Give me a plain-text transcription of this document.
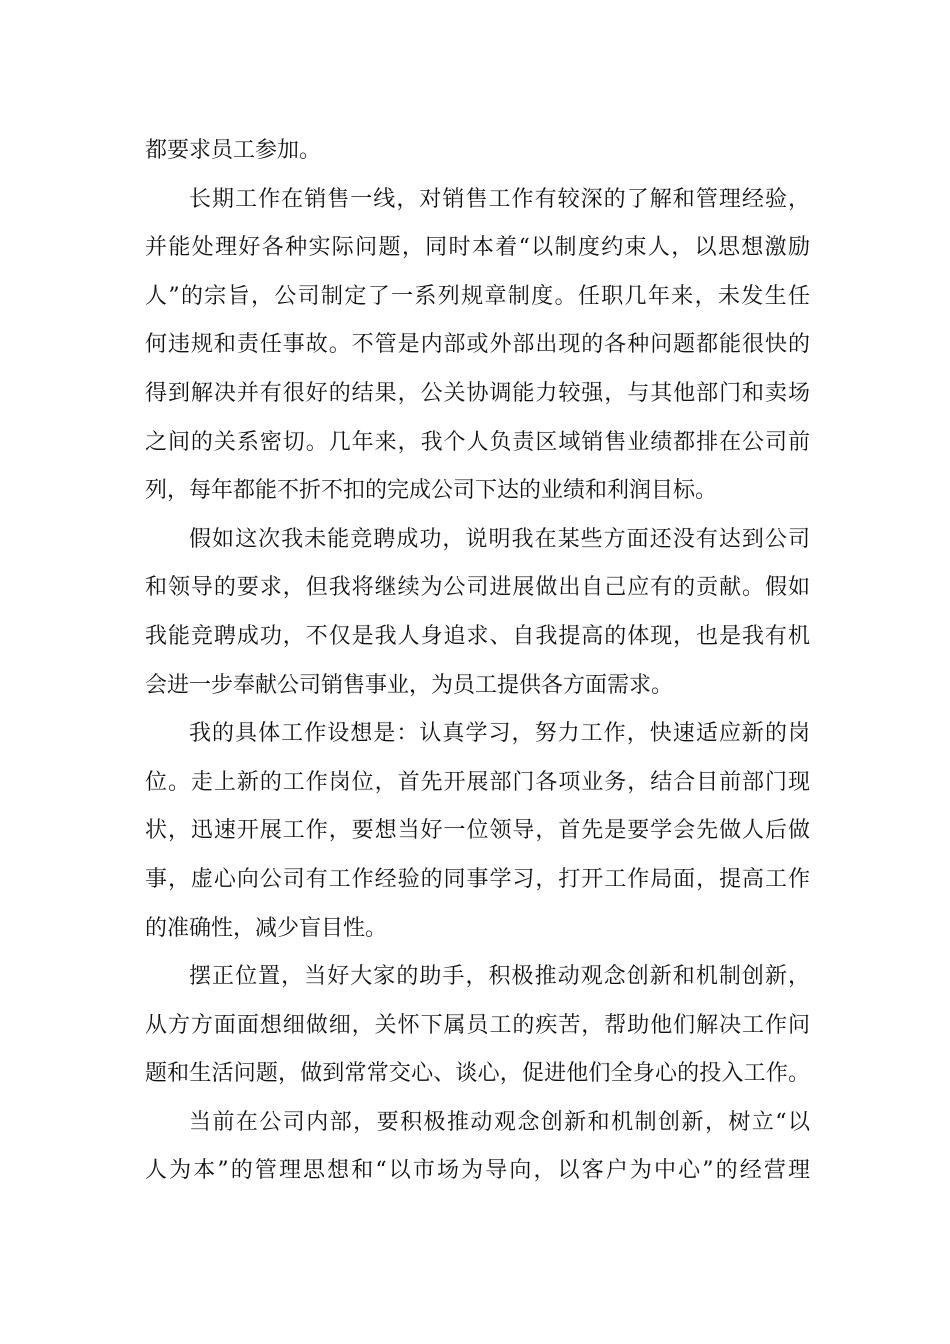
都要求员工参加。
长期工作在销售一线，对销售工作有较深的了解和管理经验，
并能处理好各种实际问题，同时本着“以制度约束人，以思想激励
人”的宗旨，公司制定了一系列规章制度。任职几年来，未发生任
何违规和责任事故。不管是内部或外部出现的各种问题都能很快的
得到解决并有很好的结果，公关协调能力较强，与其他部门和卖场
之间的关系密切。几年来，我个人负责区域销售业绩都排在公司前
列，每年都能不折不扣的完成公司下达的业绩和利润目标。
假如这次我未能竞聘成功，说明我在某些方面还没有达到公司
和领导的要求，但我将继续为公司进展做出自己应有的贡献。假如
我能竞聘成功，不仅是我人身追求、自我提高的体现，也是我有机
会进一步奉献公司销售事业，为员工提供各方面需求。
我的具体工作设想是：认真学习，努力工作，快速适应新的岗
位。走上新的工作岗位，首先开展部门各项业务，结合目前部门现
状，迅速开展工作，要想当好一位领导，首先是要学会先做人后做
事，虚心向公司有工作经验的同事学习，打开工作局面，提高工作
的准确性，减少盲目性。
摆正位置，当好大家的助手，积极推动观念创新和机制创新，
从方方面面想细做细，关怀下属员工的疾苦，帮助他们解决工作问
题和生活问题，做到常常交心、谈心，促进他们全身心的投入工作。
当前在公司内部，要积极推动观念创新和机制创新，树立“以
人为本”的管理思想和“以市场为导向，以客户为中心”的经营理
